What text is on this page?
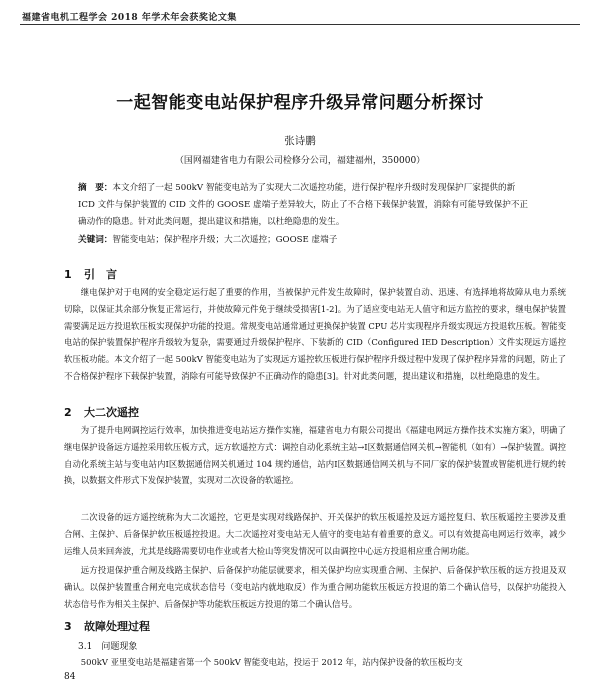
福建省电机工程学会 2018 年学术年会获奖论文集
一起智能变电站保护程序升级异常问题分析探讨
张诗鹏
（国网福建省电力有限公司检修分公司，福建福州，350000）
摘　要：本文介绍了一起 500kV 智能变电站为了实现大二次遥控功能，进行保护程序升级时发现保护厂家提供的新 ICD 文件与保护装置的 CID 文件的 GOOSE 虚端子差异较大，防止了不合格下载保护装置，消除有可能导致保护不正确动作的隐患。针对此类问题，提出建议和措施，以杜绝隐患的发生。
关键词：智能变电站；保护程序升级；大二次遥控；GOOSE 虚端子
1 引　言
继电保护对于电网的安全稳定运行起了重要的作用，当被保护元件发生故障时，保护装置自动、迅速、有选择地将故障从电力系统切除，以保证其余部分恢复正常运行，并使故障元件免于继续受损害[1-2]。为了适应变电站无人值守和远方监控的要求，继电保护装置需要满足远方投退软压板实现保护功能的投退。常规变电站通常通过更换保护装置 CPU 芯片实现程序升级实现远方投退软压板。智能变电站的保护装置保护程序升级较为复杂，需要通过升级保护程序、下装新的 CID（Configured IED Description）文件实现远方遥控软压板功能。本文介绍了一起 500kV 智能变电站为了实现远方遥控软压板进行保护程序升级过程中发现了保护程序异常的问题，防止了不合格保护程序下载保护装置，消除有可能导致保护不正确动作的隐患[3]。针对此类问题，提出建议和措施，以杜绝隐患的发生。
2 大二次遥控
为了提升电网调控运行效率，加快推进变电站运方操作实施，福建省电力有限公司提出《福建电网远方操作技术实施方案》，明确了继电保护设备远方遥控采用软压板方式，远方软遥控方式：调控自动化系统主站→Ⅰ区数据通信网关机→智能机（如有）→保护装置。调控自动化系统主站与变电站内Ⅰ区数据通信网关机通过 104 规约通信，站内Ⅰ区数据通信网关机与不同厂家的保护装置或智能机进行规约转换，以数据文件形式下发保护装置，实现对二次设备的软遥控。
二次设备的远方遥控统称为大二次遥控，它更是实现对线路保护、开关保护的软压板遥控及远方遥控复归、软压板遥控主要涉及重合闸、主保护、后备保护软压板遥控投退。大二次遥控对变电站无人值守的变电站有着重要的意义。可以有效提高电网运行效率，减少运维人员来回奔波，尤其是线路需要切电作业或者大检山等突发情况可以由调控中心远方投退相应重合闸功能。
远方投退保护重合闸及线路主保护、后备保护功能层就要求，相关保护均应实现重合闸、主保护、后备保护软压板的远方投退及双确认。以保护装置重合闸充电完成状态信号（变电站内就地取反）作为重合闸功能软压板远方投退的第二个确认信号，以保护功能投入状态信号作为相关主保护、后备保护等功能软压板远方投退的第二个确认信号。
3 故障处理过程
3.1　问题现象
500kV 亚里变电站是福建省第一个 500kV 智能变电站，投运于 2012 年，站内保护设备的软压板均支
84
